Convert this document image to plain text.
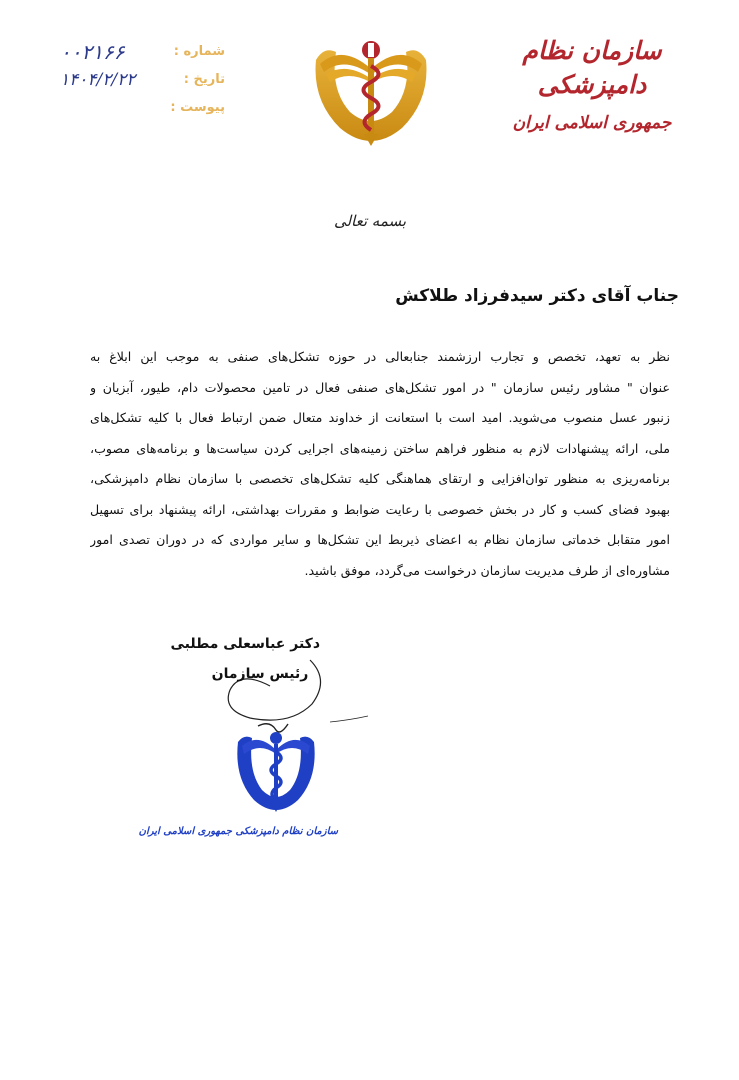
سازمان نظام دامپزشکی
جمهوری اسلامی ایران
شماره :
۰۰۲۱۶۶
تاریخ :
۱۴۰۴/۲/۲۲
پیوست :
بسمه تعالی
جناب آقای دکتر سیدفرزاد طلاکش
نظر به تعهد، تخصص و تجارب ارزشمند جنابعالی در حوزه تشکل‌های صنفی به موجب این ابلاغ به
عنوان " مشاور رئیس سازمان " در امور تشکل‌های صنفی فعال در تامین محصولات دام، طیور، آبزیان و
زنبور عسل منصوب می‌شوید. امید است با استعانت از خداوند متعال ضمن ارتباط فعال با کلیه تشکل‌های
ملی، ارائه پیشنهادات لازم به منظور فراهم ساختن زمینه‌های اجرایی کردن سیاست‌ها و برنامه‌های مصوب،
برنامه‌ریزی به منظور توان‌افزایی و ارتقای هماهنگی کلیه تشکل‌های تخصصی با سازمان نظام دامپزشکی،
بهبود فضای کسب و کار در بخش خصوصی با رعایت ضوابط و مقررات بهداشتی، ارائه پیشنهاد برای تسهیل
امور متقابل خدماتی سازمان نظام به اعضای ذیربط این تشکل‌ها و سایر مواردی که در دوران تصدی امور
مشاوره‌ای از طرف مدیریت سازمان درخواست می‌گردد، موفق باشید.
دکتر عباسعلی مطلبی
رئیس سازمان
سازمان نظام دامپزشکی جمهوری اسلامی ایران
